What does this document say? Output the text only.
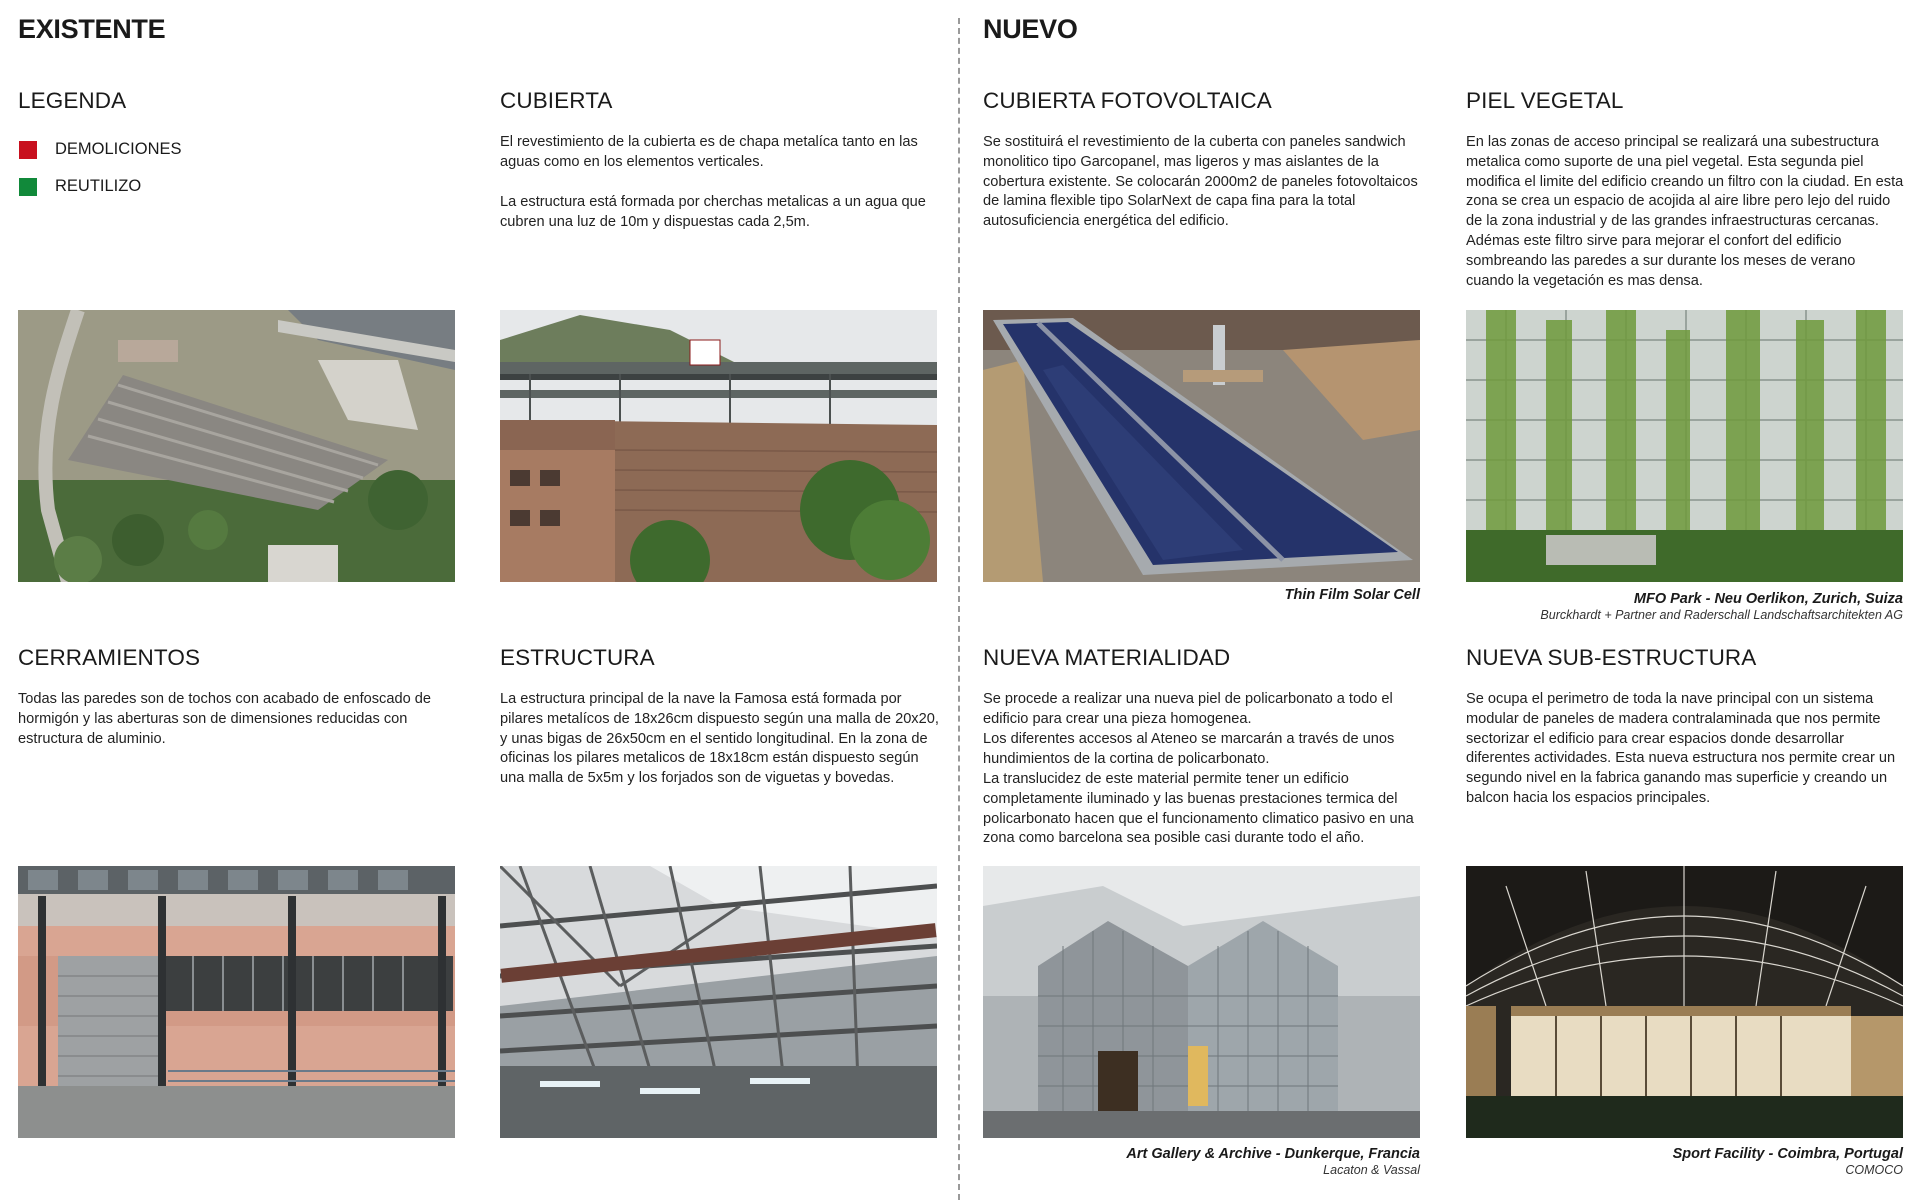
EXISTENTE
LEGENDA
DEMOLICIONES
REUTILIZO
CUBIERTA

El revestimiento de la cubierta es de chapa metalíca tanto en las aguas como en los elementos verticales.

La estructura está formada por cherchas metalicas a un agua que cubren una luz de 10m y dispuestas cada 2,5m.

CERRAMIENTOS

Todas las paredes son de tochos con acabado de enfoscado de hormigón y las aberturas son de dimensiones reducidas con estructura de aluminio.

ESTRUCTURA

La estructura principal de la nave la Famosa está formada por pilares metalícos de 18x26cm dispuesto según una malla de 20x20, y unas bigas de 26x50cm en el sentido longitudinal. En la zona de oficinas los pilares metalicos de 18x18cm están dispuesto según una malla de 5x5m y los forjados son de viguetas y bovedas.

NUEVO
CUBIERTA FOTOVOLTAICA

Se sostituirá el revestimiento de la cuberta con paneles sandwich monolitico tipo Garcopanel, mas ligeros y mas aislantes de la cobertura existente. Se colocarán 2000m2 de paneles fotovoltaicos de lamina flexible tipo SolarNext de capa fina para la total autosuficiencia energética del edificio.

PIEL VEGETAL

En las zonas de acceso principal se realizará una subestructura metalica como suporte de una piel vegetal. Esta segunda piel modifica el limite del edificio creando un filtro con la ciudad. En esta zona se crea un espacio de acojida al aire libre pero lejo del ruido de la zona industrial y de las grandes infraestructuras cercanas. Adémas este filtro sirve para mejorar el confort del edificio sombreando las paredes a sur durante los meses de verano cuando la vegetación es mas densa.

Thin Film Solar Cell	MFO Park - Neu Oerlikon, Zurich, Suiza
Burckhardt + Partner and Raderschall Landschaftsarchitekten AG
NUEVA MATERIALIDAD

Se procede a realizar una nueva piel de policarbonato a todo el edificio para crear una pieza homogenea.

Los diferentes accesos al Ateneo se marcarán a través de unos hundimientos de la cortina de policarbonato.

La translucidez de este material permite tener un edificio completamente iluminado y las buenas prestaciones termica del policarbonato hacen que el funcionamento climatico pasivo en una zona como barcelona sea posible casi durante todo el año.

NUEVA SUB-ESTRUCTURA

Se ocupa el perimetro de toda la nave principal con un sistema modular de paneles de madera contralaminada que nos permite sectorizar el edificio para crear espacios donde desarrollar diferentes actividades. Esta nueva estructura nos permite crear un segundo nivel en la fabrica ganando mas superficie y creando un balcon hacia los espacios principales.

Art Gallery & Archive - Dunkerque, Francia
Lacaton & Vassal
Sport Facility - Coimbra, Portugal
COMOCO
